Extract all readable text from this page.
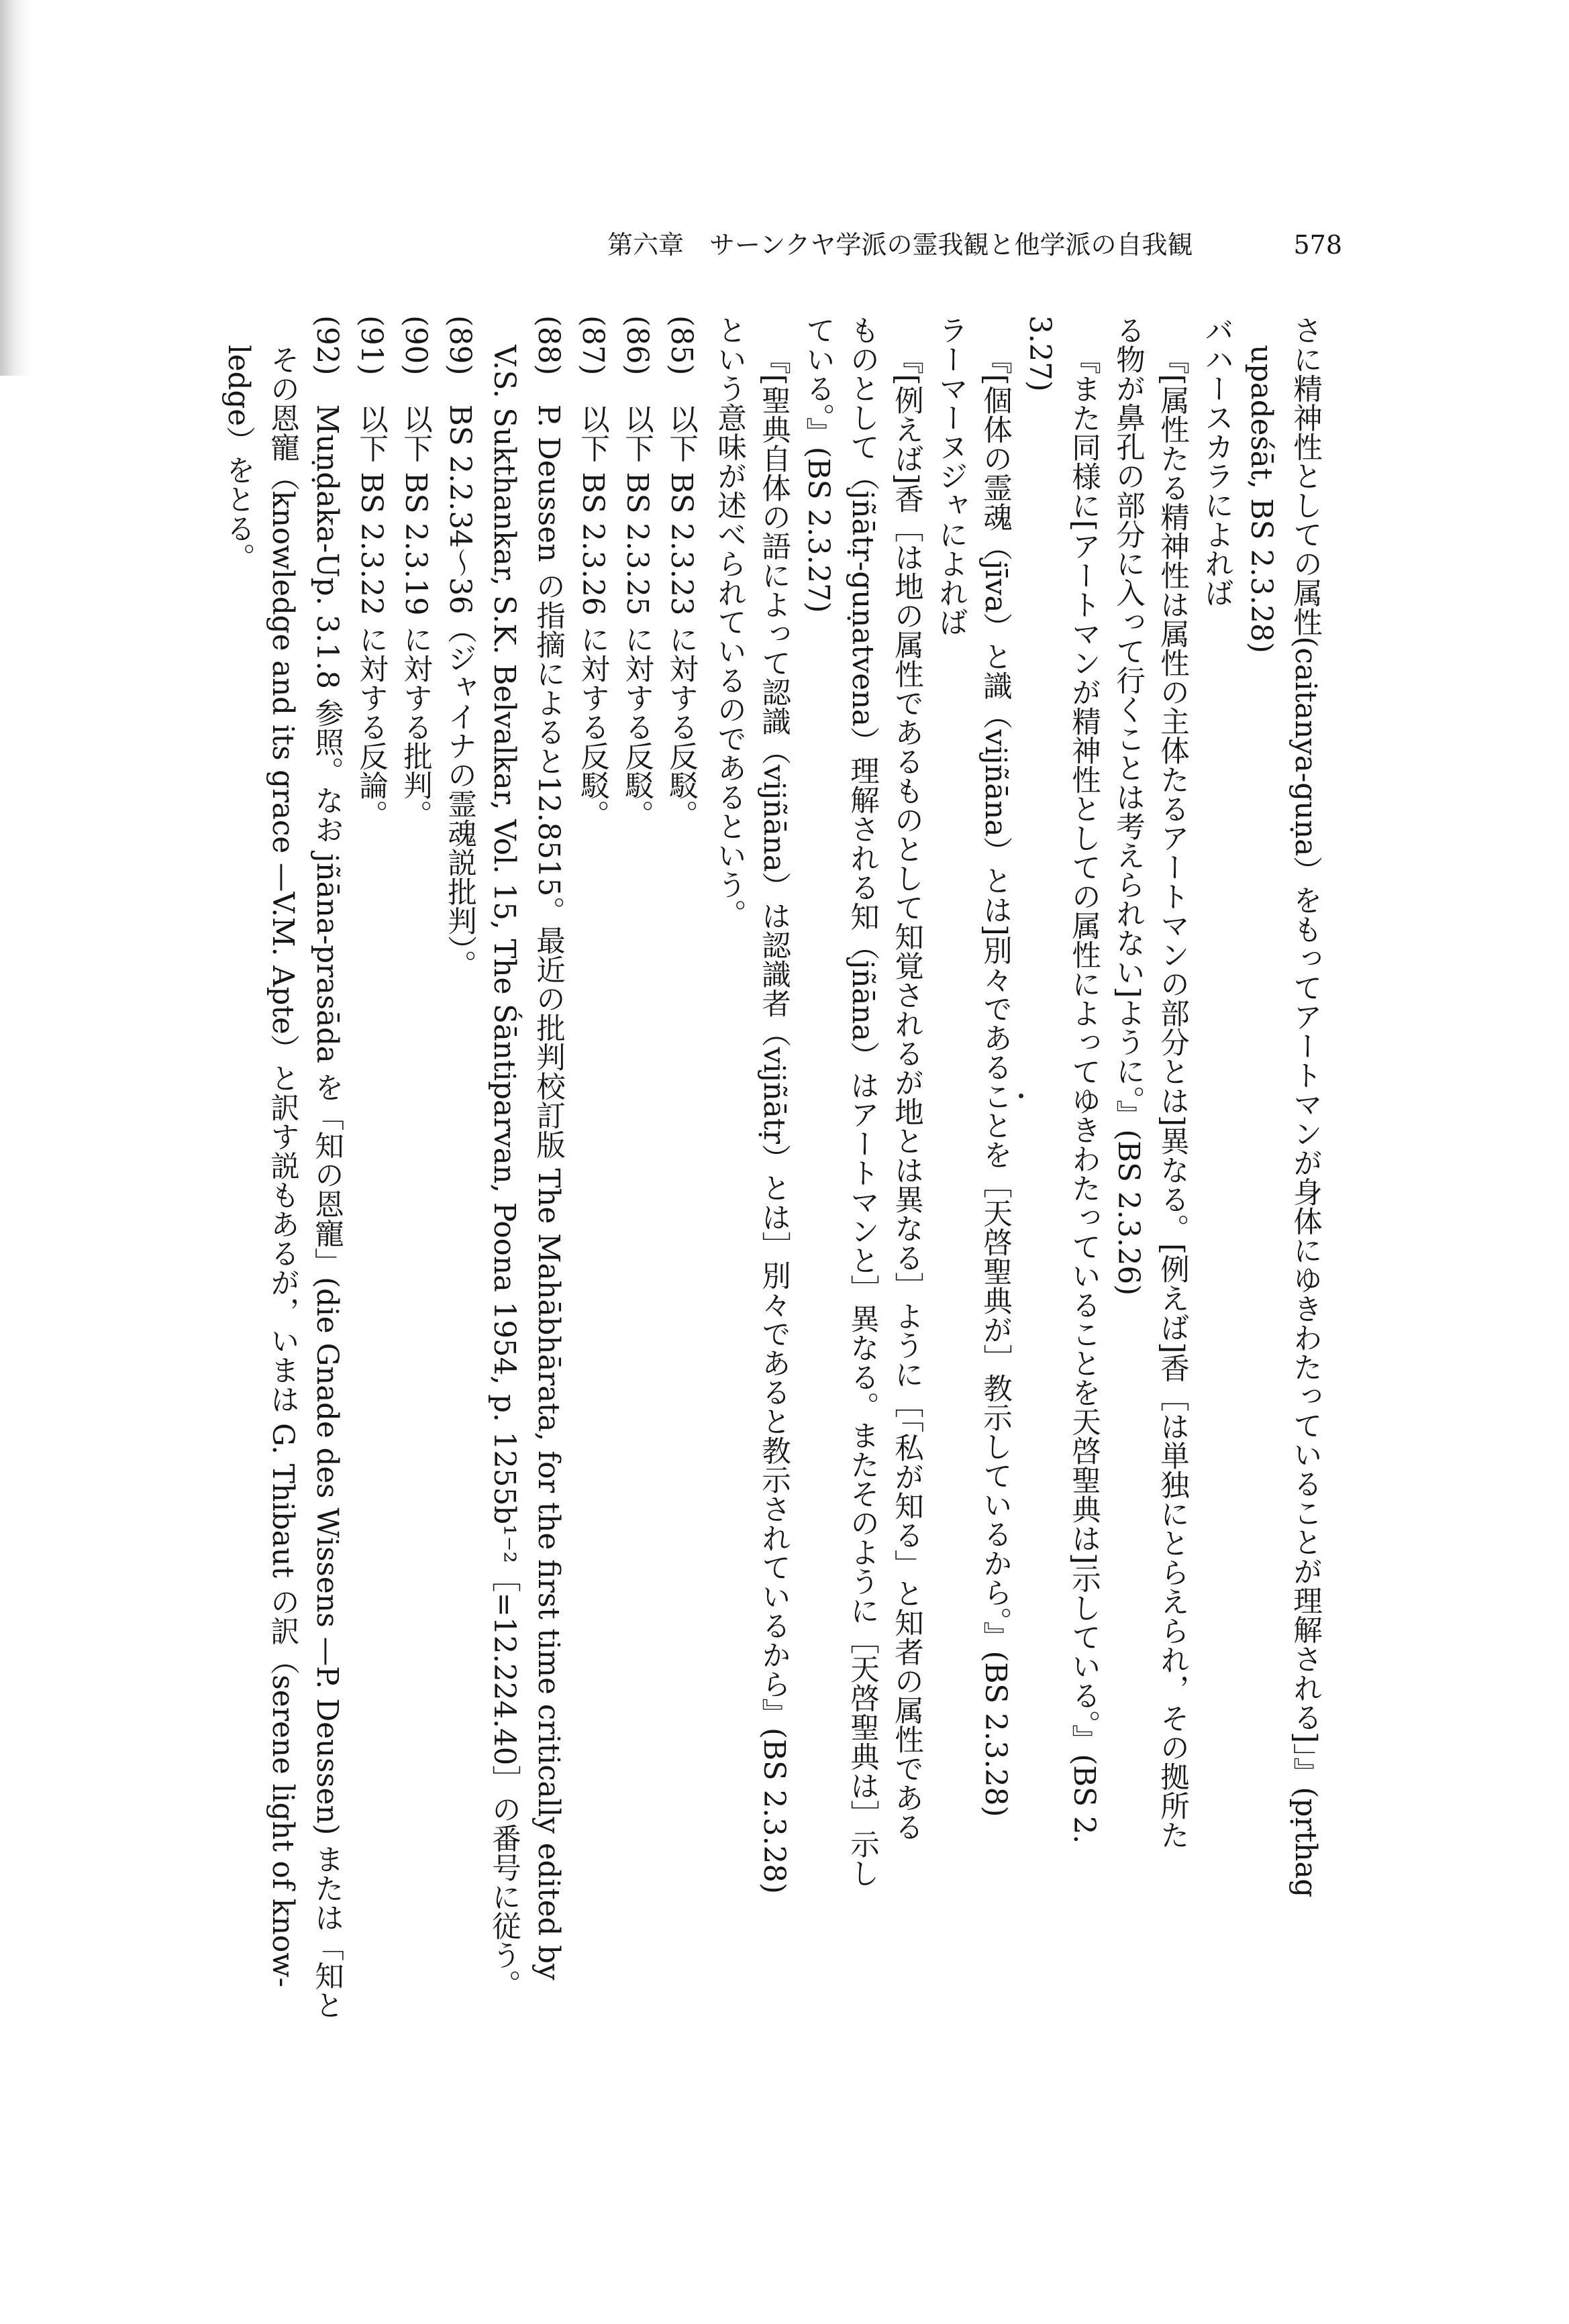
第六章　サーンクヤ学派の霊我観と他学派の自我観	578
さに精神性としての属性(caitanya-guṇa）をもってアートマンが身体にゆきわたっていることが理解される]」』(pṛthag
upadeśāt, BS 2.3.28)
バハースカラによれば
『[属性たる精神性は属性の主体たるアートマンの部分とは]異なる。[例えば]香［は単独にとらえられ，その拠所た
る物が鼻孔の部分に入って行くことは考えられない]ように。』(BS 2.3.26)
『また同様に[アートマンが精神性としての属性によってゆきわたっていることを天啓聖典は]示している。』(BS 2.
3.27)
『[個体の霊魂（jīva）と識（vijñāna）とは]別々であることを［天啓聖典が］教示しているから。』(BS 2.3.28)
ラーマーヌジャによれば
『[例えば]香［は地の属性であるものとして知覚されるが地とは異なる］ように［「私が知る」と知者の属性である
ものとして（jñātṛ-guṇatvena）理解される知（jñāna）はアートマンと］異なる。またそのように［天啓聖典は］示し
ている。』(BS 2.3.27)
『[聖典自体の語によって認識（vijñāna）は認識者（vijñātṛ）とは］別々であると教示されているから』(BS 2.3.28)
という意味が述べられているのであるという。
(85)　以下 BS 2.3.23 に対する反駁。
(86)　以下 BS 2.3.25 に対する反駁。
(87)　以下 BS 2.3.26 に対する反駁。
(88)　P. Deussen の指摘によると12.8515。最近の批判校訂版 The Mahābhārata, for the first time critically edited by
V.S. Sukthankar, S.K. Belvalkar, Vol. 15, The Śāntiparvan, Poona 1954, p. 1255b¹⁻²［=12.224.40］の番号に従う。
(89)　BS 2.2.34～36（ジャイナの霊魂説批判）。
(90)　以下 BS 2.3.19 に対する批判。
(91)　以下 BS 2.3.22 に対する反論。
(92)　Muṇḍaka-Up. 3.1.8 参照。なお jñāna-prasāda を「知の恩寵」(die Gnade des Wissens —P. Deussen) または「知と
その恩寵（knowledge and its grace —V.M. Apte）と訳す説もあるが，いまは G. Thibaut の訳（serene light of know-
ledge）をとる。
